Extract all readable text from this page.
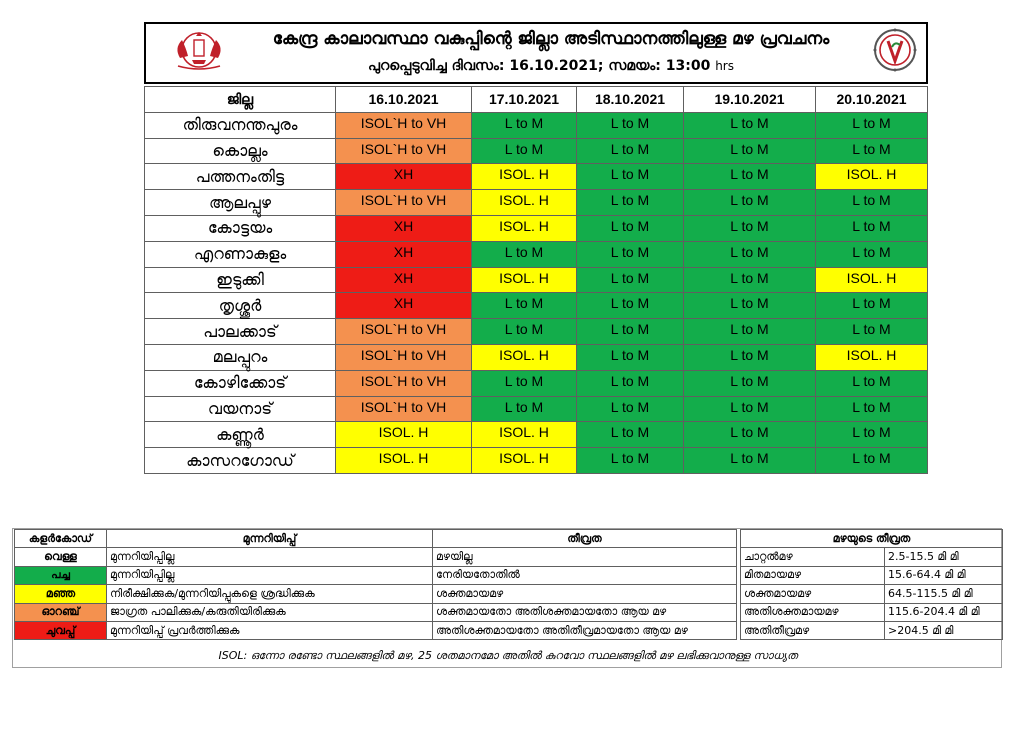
കേന്ദ്ര കാലാവസ്ഥാ വകുപ്പിന്റെ ജില്ലാ അടിസ്ഥാനത്തിലുള്ള മഴ പ്രവചനം
പുറപ്പെടുവിച്ച ദിവസം: 16.10.2021; സമയം: 13:00 hrs
ജില്ല	16.10.2021	17.10.2021	18.10.2021	19.10.2021	20.10.2021
തിരുവനന്തപുരം	ISOL`H to VH	L to M	L to M	L to M	L to M
കൊല്ലം	ISOL`H to VH	L to M	L to M	L to M	L to M
പത്തനംതിട്ട	XH	ISOL. H	L to M	L to M	ISOL. H
ആലപ്പുഴ	ISOL`H to VH	ISOL. H	L to M	L to M	L to M
കോട്ടയം	XH	ISOL. H	L to M	L to M	L to M
എറണാകുളം	XH	L to M	L to M	L to M	L to M
ഇടുക്കി	XH	ISOL. H	L to M	L to M	ISOL. H
തൃശ്ശൂർ	XH	L to M	L to M	L to M	L to M
പാലക്കാട്	ISOL`H to VH	L to M	L to M	L to M	L to M
മലപ്പുറം	ISOL`H to VH	ISOL. H	L to M	L to M	ISOL. H
കോഴിക്കോട്	ISOL`H to VH	L to M	L to M	L to M	L to M
വയനാട്	ISOL`H to VH	L to M	L to M	L to M	L to M
കണ്ണൂർ	ISOL. H	ISOL. H	L to M	L to M	L to M
കാസറഗോഡ്	ISOL. H	ISOL. H	L to M	L to M	L to M
കളർകോഡ്	മുന്നറിയിപ്പ്	തീവ്രത
വെള്ള	മുന്നറിയിപ്പില്ല	മഴയില്ല
പച്ച	മുന്നറിയിപ്പില്ല	നേരിയതോതിൽ
മഞ്ഞ	നിരീക്ഷിക്കുക/മുന്നറിയിപ്പുകളെ ശ്രദ്ധിക്കുക	ശക്തമായമഴ
ഓറഞ്ച്	ജാഗ്രത പാലിക്കുക/കരുതിയിരിക്കുക	ശക്തമായതോ അതിശക്തമായതോ ആയ മഴ
ചുവപ്പ്	മുന്നറിയിപ്പ് പ്രവർത്തിക്കുക	അതിശക്തമായതോ അതിതീവ്രമായതോ ആയ മഴ
മഴയുടെ തീവ്രത	
ചാറ്റൽമഴ	2.5-15.5 മി മി
മിതമായമഴ	15.6-64.4 മി മി
ശക്തമായമഴ	64.5-115.5 മി മി
അതിശക്തമായമഴ	115.6-204.4 മി മി
അതിതീവ്രമഴ	>204.5 മി മി
ISOL: ഒന്നോ രണ്ടോ സ്ഥലങ്ങളിൽ മഴ, 25 ശതമാനമോ അതിൽ കുറവോ സ്ഥലങ്ങളിൽ മഴ ലഭിക്കുവാനുള്ള സാധ്യത
